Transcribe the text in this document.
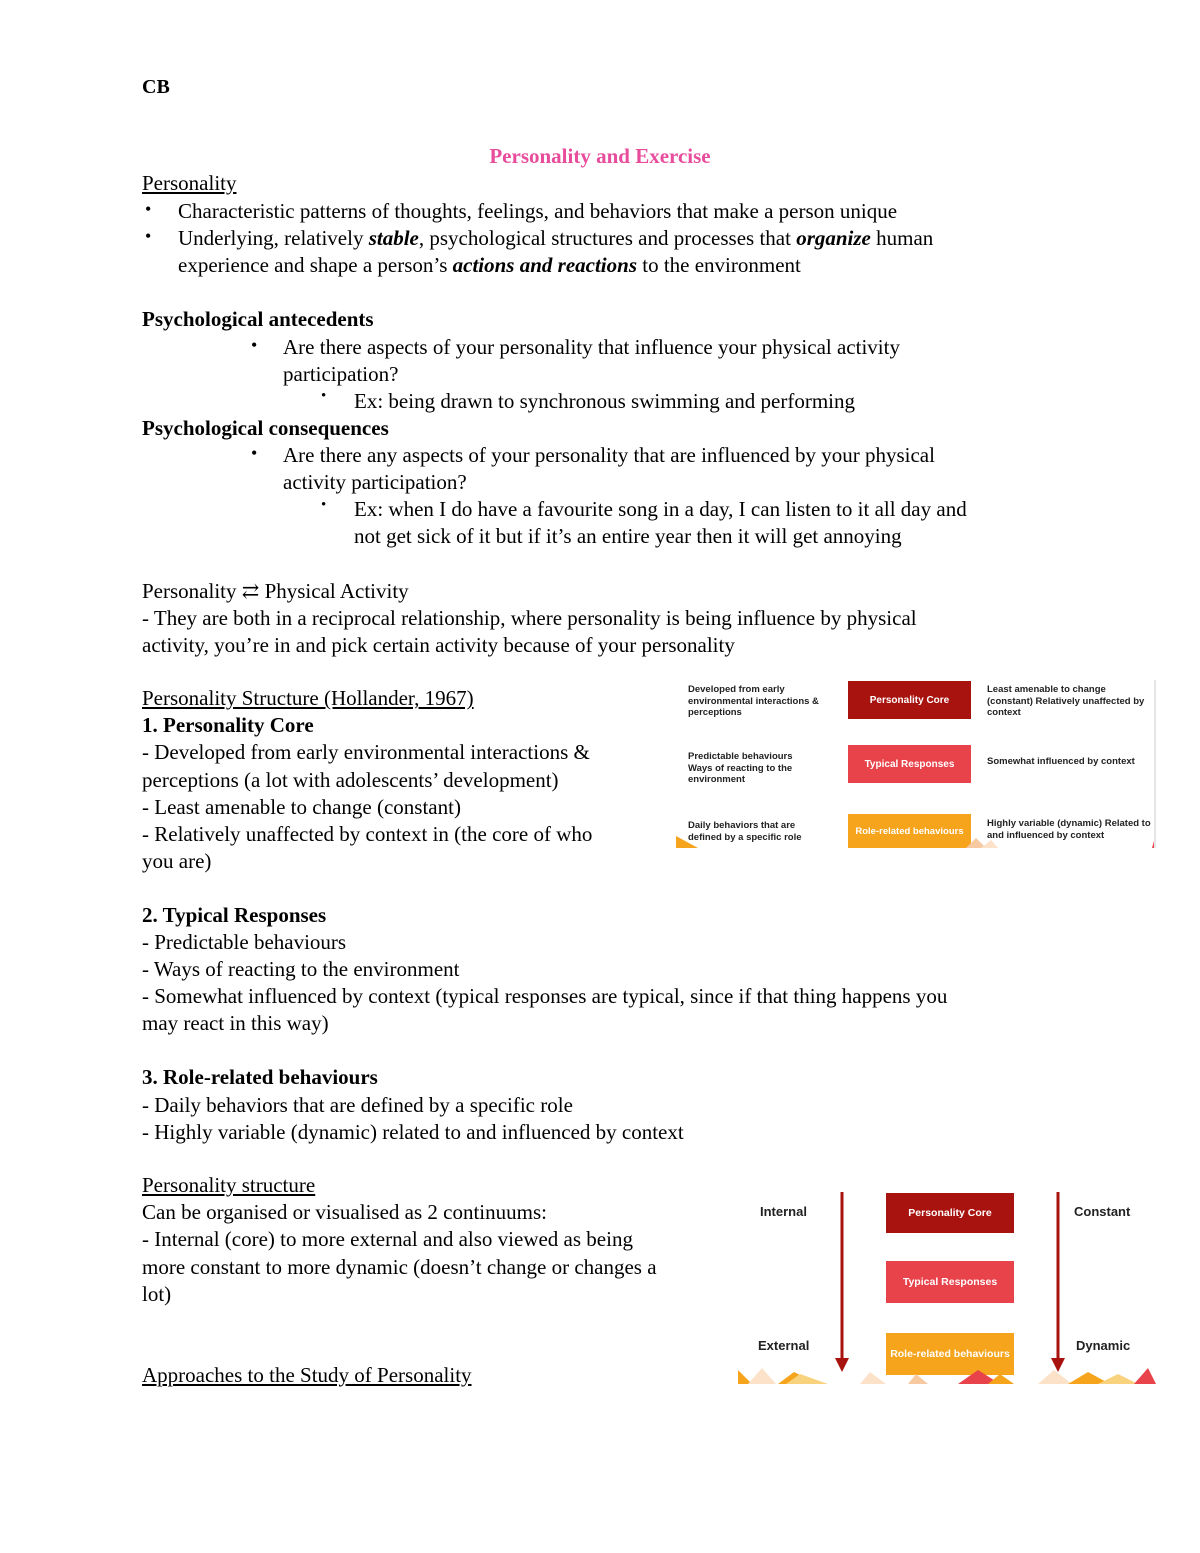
CB
Personality and Exercise
Personality
• Characteristic patterns of thoughts, feelings, and behaviors that make a person unique
• Underlying, relatively stable, psychological structures and processes that organize human
experience and shape a person’s actions and reactions to the environment
Psychological antecedents
• Are there aspects of your personality that influence your physical activity
participation?
• Ex: being drawn to synchronous swimming and performing
Psychological consequences
• Are there any aspects of your personality that are influenced by your physical
activity participation?
• Ex: when I do have a favourite song in a day, I can listen to it all day and
not get sick of it but if it’s an entire year then it will get annoying
Personality ⇄ Physical Activity
- They are both in a reciprocal relationship, where personality is being influence by physical
activity, you’re in and pick certain activity because of your personality
Personality Structure (Hollander, 1967)
1. Personality Core
- Developed from early environmental interactions &
perceptions (a lot with adolescents’ development)
- Least amenable to change (constant)
- Relatively unaffected by context in (the core of who
you are)
2. Typical Responses
- Predictable behaviours
- Ways of reacting to the environment
- Somewhat influenced by context (typical responses are typical, since if that thing happens you
may react in this way)
3. Role-related behaviours
- Daily behaviors that are defined by a specific role
- Highly variable (dynamic) related to and influenced by context
Developed from early environmental interactions & perceptions
Predictable behaviours Ways of reacting to the environment
Daily behaviors that are defined by a specific role
Personality Core
Typical Responses
Role-related behaviours
Least amenable to change (constant) Relatively unaffected by context
Somewhat influenced by context
Highly variable (dynamic) Related to and influenced by context
Personality structure
Can be organised or visualised as 2 continuums:
- Internal (core) to more external and also viewed as being
more constant to more dynamic (doesn’t change or changes a
lot)
Internal
External
Constant
Dynamic
Personality Core
Typical Responses
Role-related behaviours
Approaches to the Study of Personality
